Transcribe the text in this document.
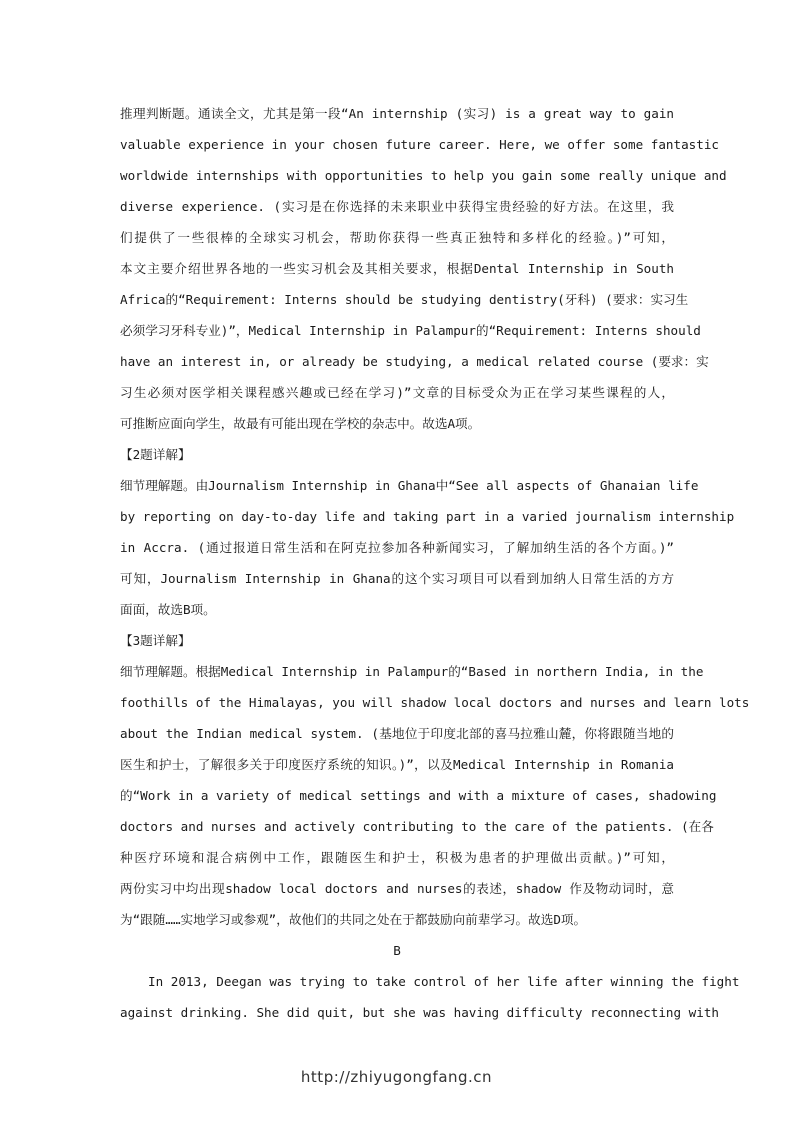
推理判断题。通读全文，尤其是第一段“An internship (实习) is a great way to gain
valuable experience in your chosen future career. Here, we offer some fantastic
worldwide internships with opportunities to help you gain some really unique and
diverse experience. (实习是在你选择的未来职业中获得宝贵经验的好方法。在这里，我
们提供了一些很棒的全球实习机会，帮助你获得一些真正独特和多样化的经验。)”可知，
本文主要介绍世界各地的一些实习机会及其相关要求，根据Dental Internship in South
Africa的“Requirement: Interns should be studying dentistry(牙科) (要求：实习生
必须学习牙科专业)”，Medical Internship in Palampur的“Requirement: Interns should
have an interest in, or already be studying, a medical related course (要求：实
习生必须对医学相关课程感兴趣或已经在学习)”文章的目标受众为正在学习某些课程的人，
可推断应面向学生，故最有可能出现在学校的杂志中。故选A项。
【2题详解】
细节理解题。由Journalism Internship in Ghana中“See all aspects of Ghanaian life
by reporting on day-to-day life and taking part in a varied journalism internship
in Accra. (通过报道日常生活和在阿克拉参加各种新闻实习，了解加纳生活的各个方面。)”
可知，Journalism Internship in Ghana的这个实习项目可以看到加纳人日常生活的方方
面面，故选B项。
【3题详解】
细节理解题。根据Medical Internship in Palampur的“Based in northern India, in the
foothills of the Himalayas, you will shadow local doctors and nurses and learn lots
about the Indian medical system. (基地位于印度北部的喜马拉雅山麓，你将跟随当地的
医生和护士，了解很多关于印度医疗系统的知识。)”，以及Medical Internship in Romania
的“Work in a variety of medical settings and with a mixture of cases, shadowing
doctors and nurses and actively contributing to the care of the patients. (在各
种医疗环境和混合病例中工作，跟随医生和护士，积极为患者的护理做出贡献。)”可知，
两份实习中均出现shadow local doctors and nurses的表述，shadow 作及物动词时，意
为“跟随……实地学习或参观”，故他们的共同之处在于都鼓励向前辈学习。故选D项。
B
In 2013, Deegan was trying to take control of her life after winning the fight
against drinking. She did quit, but she was having difficulty reconnecting with
http://zhiyugongfang.cn
